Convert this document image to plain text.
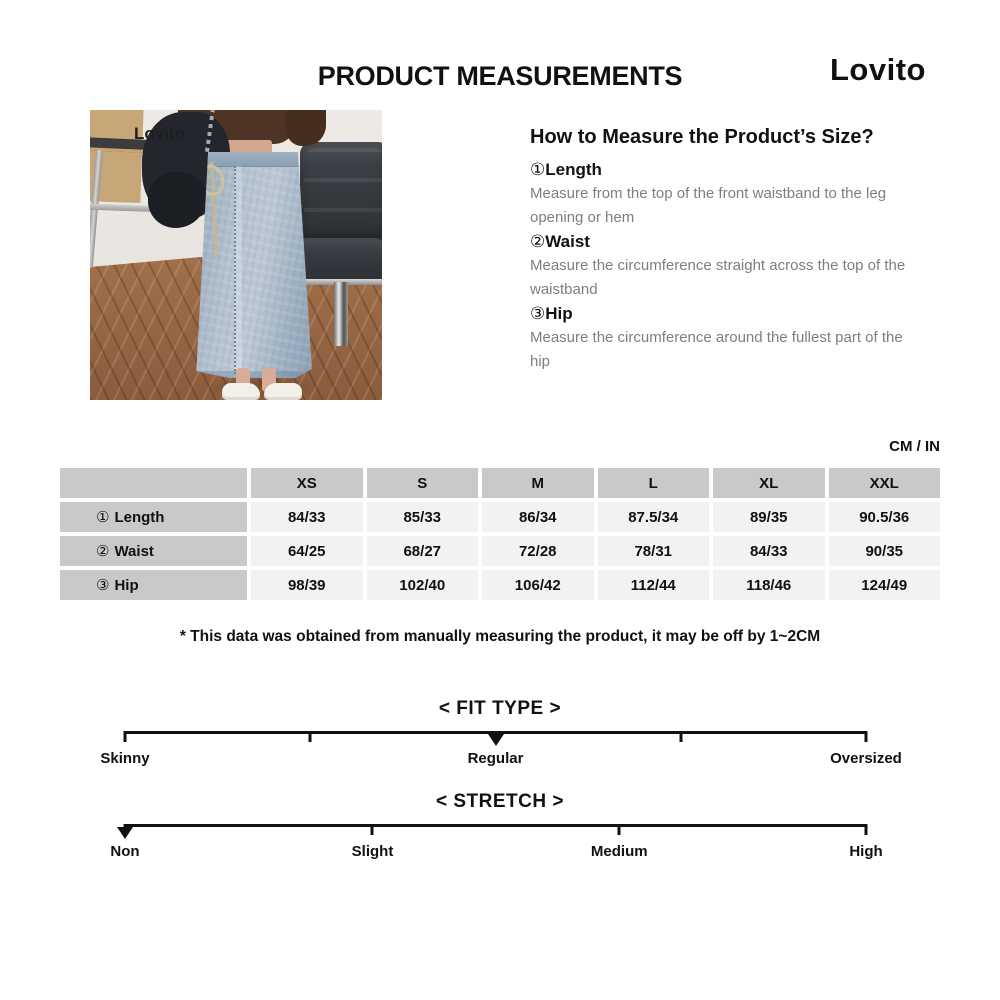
PRODUCT MEASUREMENTS	Lovito
Lovito	How to Measure the Product’s Size?
①Length
Measure from the top of the front waistband to the leg opening or hem
②Waist
Measure the circumference straight across the top of the waistband
③Hip
Measure the circumference around the fullest part of the hip
CM / IN
	XS	S	M	L	XL	XXL
① Length	84/33	85/33	86/34	87.5/34	89/35	90.5/36
② Waist	64/25	68/27	72/28	78/31	84/33	90/35
③ Hip	98/39	102/40	106/42	112/44	118/46	124/49
* This data was obtained from manually measuring the product, it may be off by 1~2CM
< FIT TYPE >
Skinny	Regular	Oversized
< STRETCH >
Non	Slight	Medium	High
